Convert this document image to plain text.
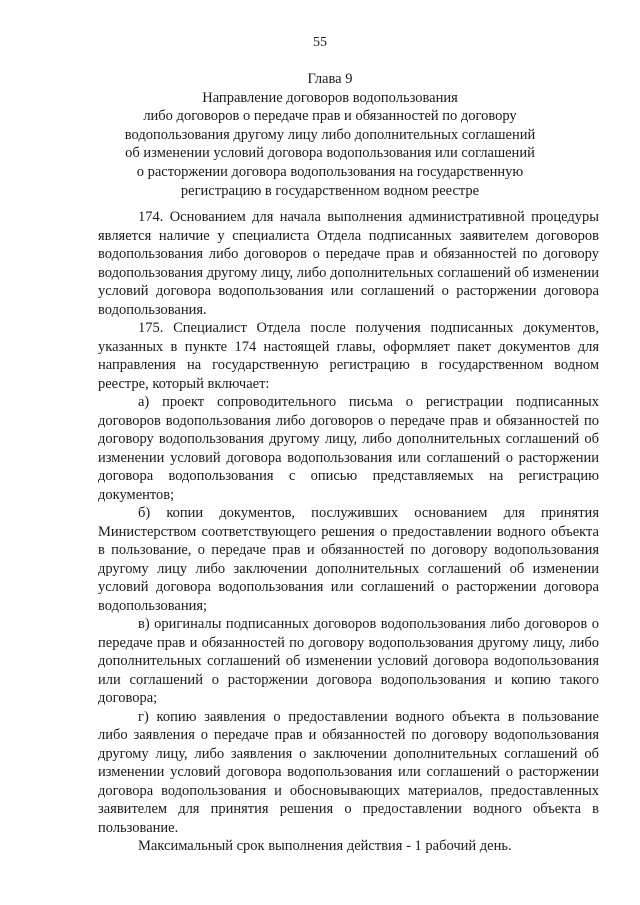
55
Глава 9
Направление договоров водопользования
либо договоров о передаче прав и обязанностей по договору
водопользования другому лицу либо дополнительных соглашений
об изменении условий договора водопользования или соглашений
о расторжении договора водопользования на государственную
регистрацию в государственном водном реестре

174. Основанием для начала выполнения административной процедуры является наличие у специалиста Отдела подписанных заявителем договоров водопользования либо договоров о передаче прав и обязанностей по договору водопользования другому лицу, либо дополнительных соглашений об изменении условий договора водопользования или соглашений о расторжении договора водопользования.

175. Специалист Отдела после получения подписанных документов, указанных в пункте 174 настоящей главы, оформляет пакет документов для направления на государственную регистрацию в государственном водном реестре, который включает:

а) проект сопроводительного письма о регистрации подписанных договоров водопользования либо договоров о передаче прав и обязанностей по договору водопользования другому лицу, либо дополнительных соглашений об изменении условий договора водопользования или соглашений о расторжении договора водопользования с описью представляемых на регистрацию документов;

б) копии документов, послуживших основанием для принятия Министерством соответствующего решения о предоставлении водного объекта в пользование, о передаче прав и обязанностей по договору водопользования другому лицу либо заключении дополнительных соглашений об изменении условий договора водопользования или соглашений о расторжении договора водопользования;

в) оригиналы подписанных договоров водопользования либо договоров о передаче прав и обязанностей по договору водопользования другому лицу, либо дополнительных соглашений об изменении условий договора водопользования или соглашений о расторжении договора водопользования и копию такого договора;

г) копию заявления о предоставлении водного объекта в пользование либо заявления о передаче прав и обязанностей по договору водопользования другому лицу, либо заявления о заключении дополнительных соглашений об изменении условий договора водопользования или соглашений о расторжении договора водопользования и обосновывающих материалов, предоставленных заявителем для принятия решения о предоставлении водного объекта в пользование.

Максимальный срок выполнения действия - 1 рабочий день.
